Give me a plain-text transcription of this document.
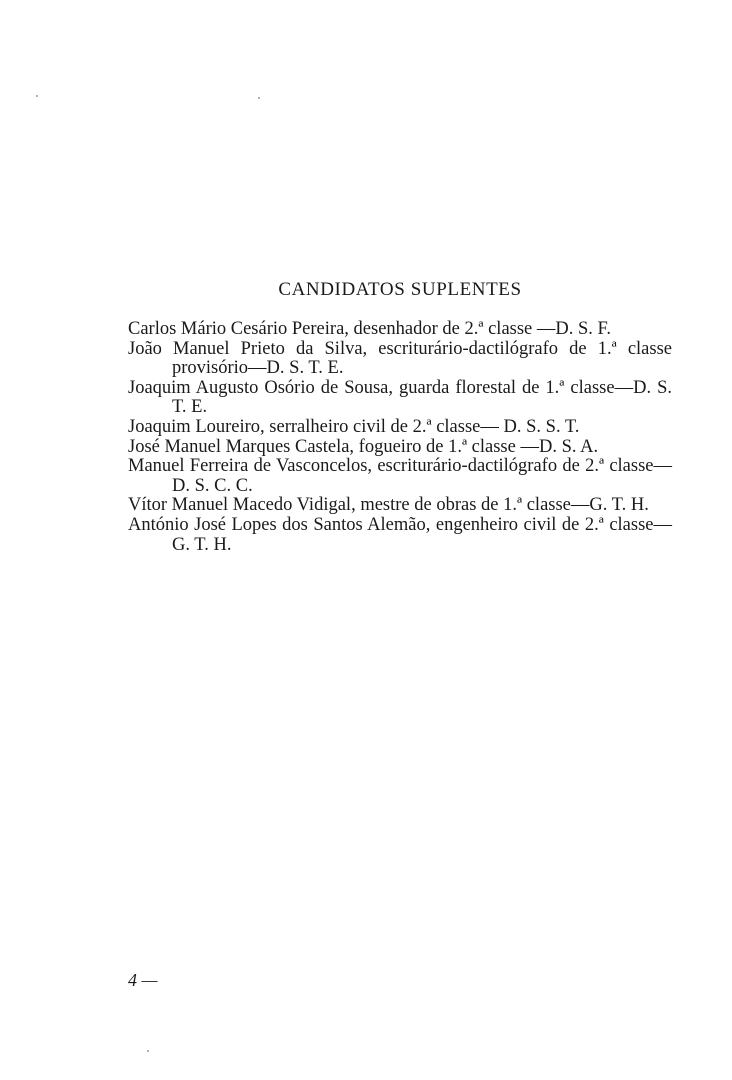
CANDIDATOS SUPLENTES
Carlos Mário Cesário Pereira, desenhador de 2.ª classe —D. S. F.
João Manuel Prieto da Silva, escriturário-dactilógrafo de 1.ª classe provisório—D. S. T. E.
Joaquim Augusto Osório de Sousa, guarda florestal de 1.ª classe—D. S. T. E.
Joaquim Loureiro, serralheiro civil de 2.ª classe— D. S. S. T.
José Manuel Marques Castela, fogueiro de 1.ª classe —D. S. A.
Manuel Ferreira de Vasconcelos, escriturário-dactilógrafo de 2.ª classe—D. S. C. C.
Vítor Manuel Macedo Vidigal, mestre de obras de 1.ª classe—G. T. H.
António José Lopes dos Santos Alemão, engenheiro civil de 2.ª classe—G. T. H.

4 —
